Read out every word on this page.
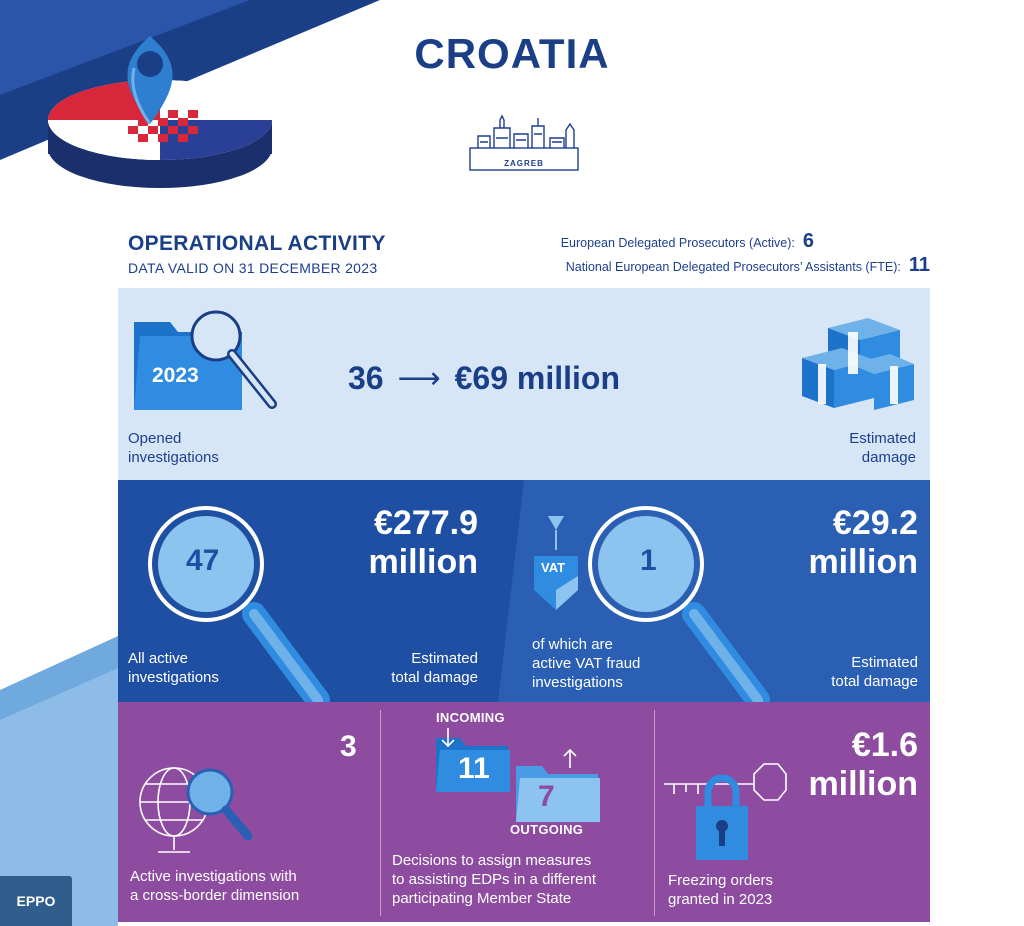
CROATIA
ZAGREB
OPERATIONAL ACTIVITY
DATA VALID ON 31 DECEMBER 2023
European Delegated Prosecutors (Active): 6
National European Delegated Prosecutors’ Assistants (FTE): 11
2023
Opened
investigations
36 ⟶ €69 million
Estimated
damage
47
€277.9
million
All active
investigations
Estimated
total damage
VAT 1
of which are
active VAT fraud
investigations
€29.2
million
Estimated
total damage
3
Active investigations with
a cross-border dimension
INCOMING
11
7
OUTGOING
Decisions to assign measures
to assisting EDPs in a different
participating Member State
€1.6
million
Freezing orders
granted in 2023
EPPO
